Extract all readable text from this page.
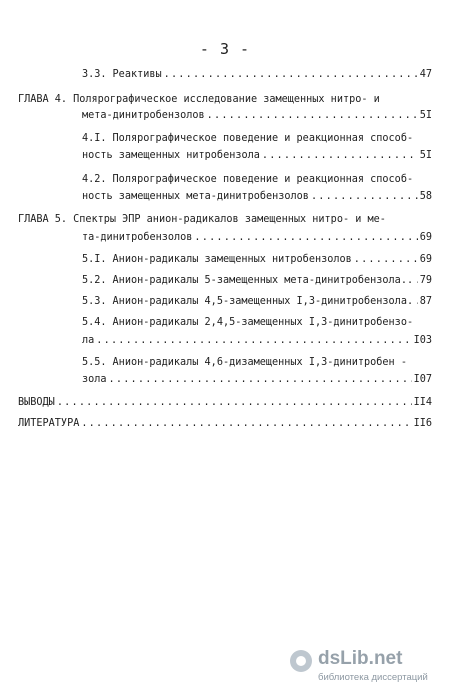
- 3 -
3.3. Реактивы .....	47
ГЛАВА 4. Полярографическое исследование замещенных нитро- и
мета-динитробензолов .....	5I
4.I. Полярографическое поведение и реакционная способ-
ность замещенных нитробензола .....	5I
4.2. Полярографическое поведение и реакционная способ-
ность замещенных мета-динитробензолов .....	58
ГЛАВА 5. Спектры ЭПР анион-радикалов замещенных нитро- и ме-
та-динитробензолов .....	69
5.I. Анион-радикалы замещенных нитробензолов .....	69
5.2. Анион-радикалы 5-замещенных мета-динитробензола.. ..... 79
5.3. Анион-радикалы 4,5-замещенных I,3-динитробензола. ..... 87
5.4. Анион-радикалы 2,4,5-замещенных I,3-динитробензо-
ла .....	I03
5.5. Анион-радикалы 4,6-дизамещенных I,3-динитробен -
зола .....	I07
ВЫВОДЫ .....	II4
ЛИТЕРАТУРА .....	II6
dsLib.net
библиотека диссертаций
